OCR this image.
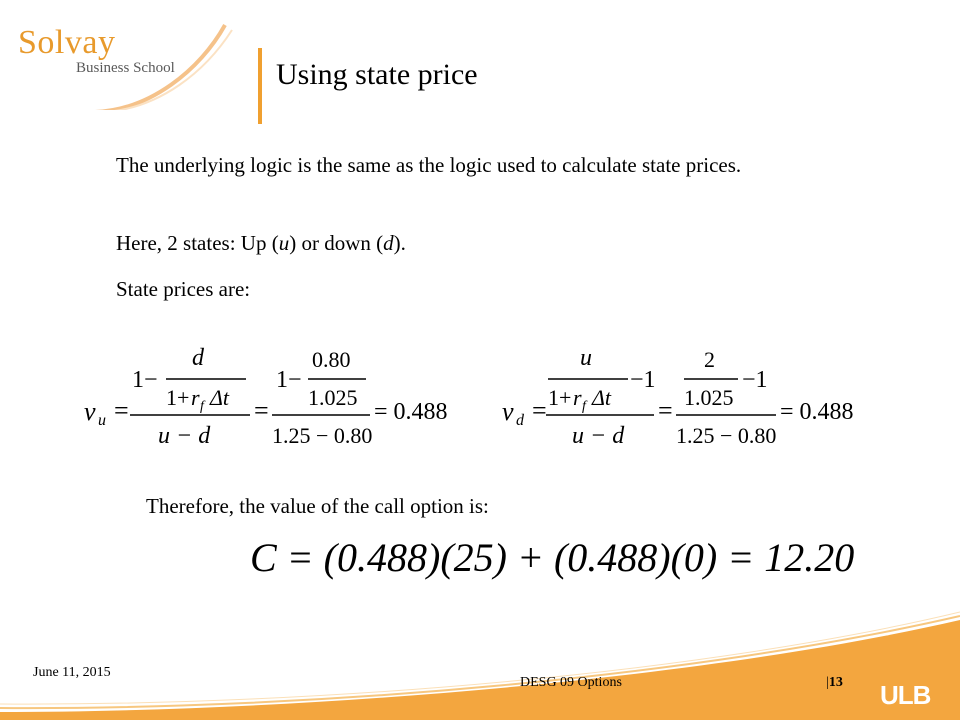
Solvay
Business School	Using state price

The underlying logic is the same as the logic used to calculate state prices.

Here, 2 states: Up (u) or down (d).

State prices are:

v u =
1 −
d
1+ r f Δt
u − d
=
1 −
0.80
1.025
1.25 − 0.80
= 0.488 v d =
u
1+ r f Δt
−1
u − d
=
2
1.025
−1
1.25 − 0.80
= 0.488
Therefore, the value of the call option is:
C = (0.488)(25) + (0.488)(0) = 12.20
June 11, 2015
DESG 09 Options	|13 ULB
